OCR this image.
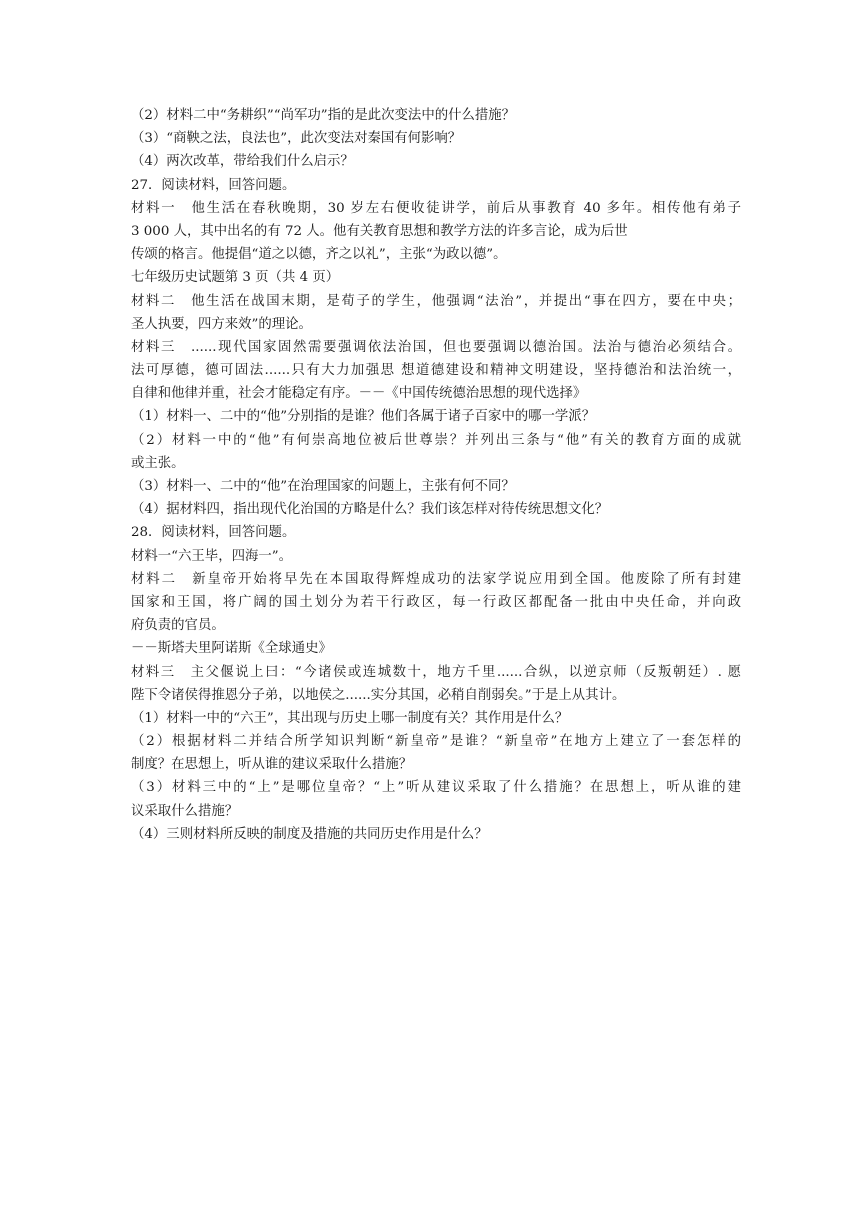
（2）材料二中“务耕织”“尚军功”指的是此次变法中的什么措施？
（3）“商鞅之法，良法也”，此次变法对秦国有何影响？
（4）两次改革，带给我们什么启示？
27．阅读材料，回答问题。
材料一　他生活在春秋晚期，30 岁左右便收徒讲学，前后从事教育 40 多年。相传他有弟子
3 000 人，其中出名的有 72 人。他有关教育思想和教学方法的许多言论，成为后世
传颂的格言。他提倡“道之以德，齐之以礼”，主张“为政以德”。
七年级历史试题第 3 页（共 4 页）
材料二　他生活在战国末期，是荀子的学生，他强调“法治”，并提出“事在四方，要在中央；
圣人执要，四方来效”的理论。
材料三　......现代国家固然需要强调依法治国，但也要强调以德治国。法治与德治必须结合。
法可厚德，德可固法......只有大力加强思 想道德建设和精神文明建设，坚持德治和法治统一，
自律和他律并重，社会才能稳定有序。－－《中国传统德治思想的现代选择》
（1）材料一、二中的“他”分别指的是谁？他们各属于诸子百家中的哪一学派？
（2）材料一中的“他”有何崇高地位被后世尊崇？并列出三条与“他”有关的教育方面的成就
或主张。
（3）材料一、二中的“他”在治理国家的问题上，主张有何不同？
（4）据材料四，指出现代化治国的方略是什么？我们该怎样对待传统思想文化？
28．阅读材料，回答问题。
材料一“六王毕，四海一”。
材料二　新皇帝开始将早先在本国取得辉煌成功的法家学说应用到全国。他废除了所有封建
国家和王国，将广阔的国土划分为若干行政区，每一行政区都配备一批由中央任命，并向政
府负责的官员。
－－斯塔夫里阿诺斯《全球通史》
材料三　主父偃说上曰：“今诸侯或连城数十，地方千里......合纵，以逆京师（反叛朝廷）. 愿
陛下令诸侯得推恩分子弟，以地侯之......实分其国，必稍自削弱矣。”于是上从其计。
（1）材料一中的“六王”，其出现与历史上哪一制度有关？其作用是什么？
（2）根据材料二并结合所学知识判断“新皇帝”是谁？“新皇帝”在地方上建立了一套怎样的
制度？在思想上，听从谁的建议采取什么措施？
（3）材料三中的“上”是哪位皇帝？“上”听从建议采取了什么措施？在思想上，听从谁的建
议采取什么措施？
（4）三则材料所反映的制度及措施的共同历史作用是什么？
